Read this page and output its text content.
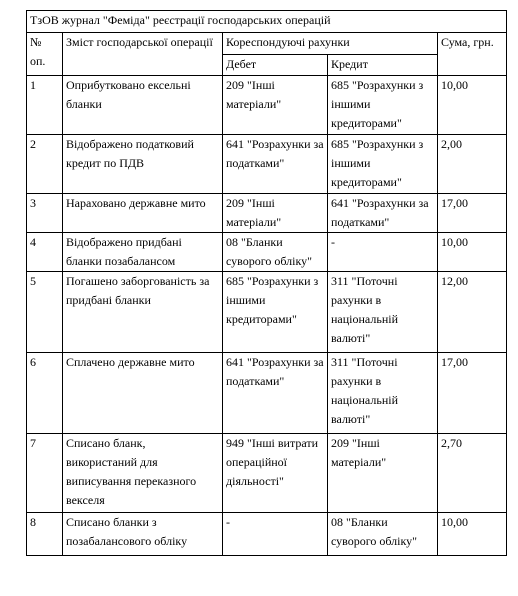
ТзОВ журнал "Феміда" реєстрації господарських операцій				
№ оп.	Зміст господарської операції	Кореспондуючі рахунки		Сума, грн.
		Дебет	Кредит	
1	Оприбутковано ексельні бланки	209 "Інші матеріали"	685 "Розрахунки з іншими кредиторами"	10,00
2	Відображено податковий кредит по ПДВ	641 "Розрахунки за податками"	685 "Розрахунки з іншими кредиторами"	2,00
3	Нараховано державне мито	209 "Інші матеріали"	641 "Розрахунки за податками"	17,00
4	Відображено придбані бланки позабалансом	08 "Бланки суворого обліку"	-	10,00
5	Погашено заборгованість за придбані бланки	685 "Розрахунки з іншими кредиторами"	311 "Поточні рахунки в національній валюті"	12,00
6	Сплачено державне мито	641 "Розрахунки за податками"	311 "Поточні рахунки в національній валюті"	17,00
7	Списано бланк, використаний для виписування переказного векселя	949 "Інші витрати операційної діяльності"	209 "Інші матеріали"	2,70
8	Списано бланки з позабалансового обліку	-	08 "Бланки суворого обліку"	10,00
